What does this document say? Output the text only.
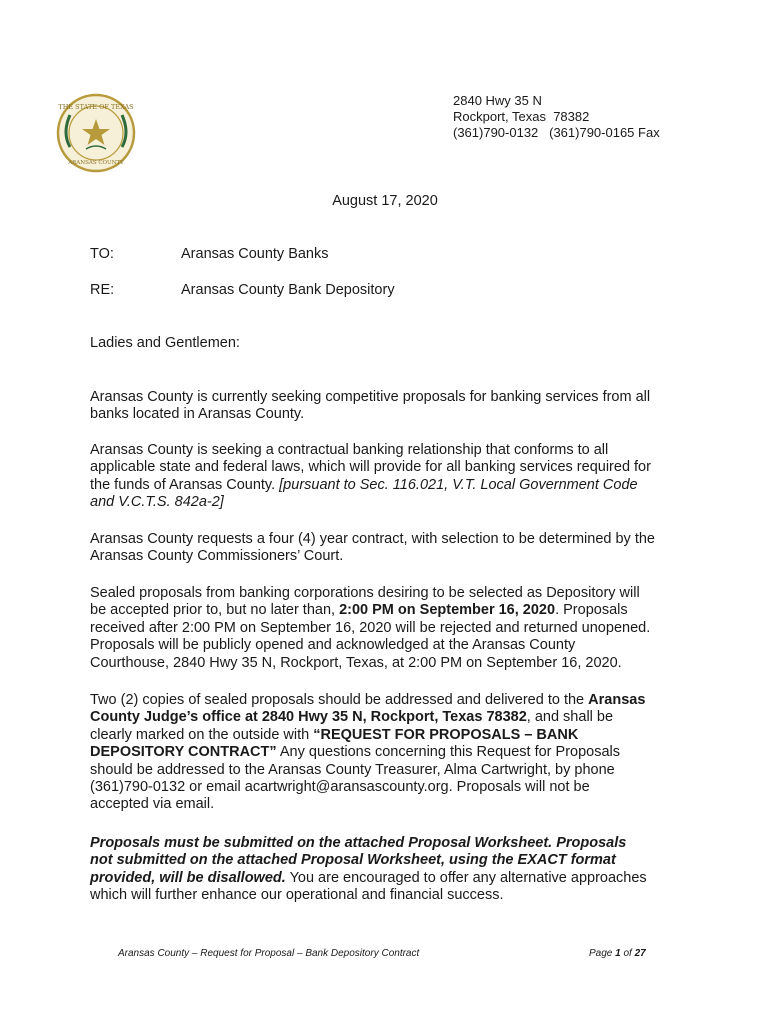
THE STATE OF TEXAS
ARANSAS COUNTY
2840 Hwy 35 N
Rockport, Texas  78382
(361)790-0132   (361)790-0165 Fax
August 17, 2020
TO:	Aransas County Banks
RE:	Aransas County Bank Depository
Ladies and Gentlemen:
Aransas County is currently seeking competitive proposals for banking services from all
banks located in Aransas County.
Aransas County is seeking a contractual banking relationship that conforms to all
applicable state and federal laws, which will provide for all banking services required for
the funds of Aransas County. [pursuant to Sec. 116.021, V.T. Local Government Code
and V.C.T.S. 842a-2]
Aransas County requests a four (4) year contract, with selection to be determined by the
Aransas County Commissioners’ Court.
Sealed proposals from banking corporations desiring to be selected as Depository will
be accepted prior to, but no later than, 2:00 PM on September 16, 2020. Proposals
received after 2:00 PM on September 16, 2020 will be rejected and returned unopened.
Proposals will be publicly opened and acknowledged at the Aransas County
Courthouse, 2840 Hwy 35 N, Rockport, Texas, at 2:00 PM on September 16, 2020.
Two (2) copies of sealed proposals should be addressed and delivered to the Aransas
County Judge’s office at 2840 Hwy 35 N, Rockport, Texas 78382, and shall be
clearly marked on the outside with “REQUEST FOR PROPOSALS – BANK
DEPOSITORY CONTRACT” Any questions concerning this Request for Proposals
should be addressed to the Aransas County Treasurer, Alma Cartwright, by phone
(361)790-0132 or email acartwright@aransascounty.org. Proposals will not be
accepted via email.
Proposals must be submitted on the attached Proposal Worksheet. Proposals
not submitted on the attached Proposal Worksheet, using the EXACT format
provided, will be disallowed. You are encouraged to offer any alternative approaches
which will further enhance our operational and financial success.
Aransas County – Request for Proposal – Bank Depository Contract	Page 1 of 27
